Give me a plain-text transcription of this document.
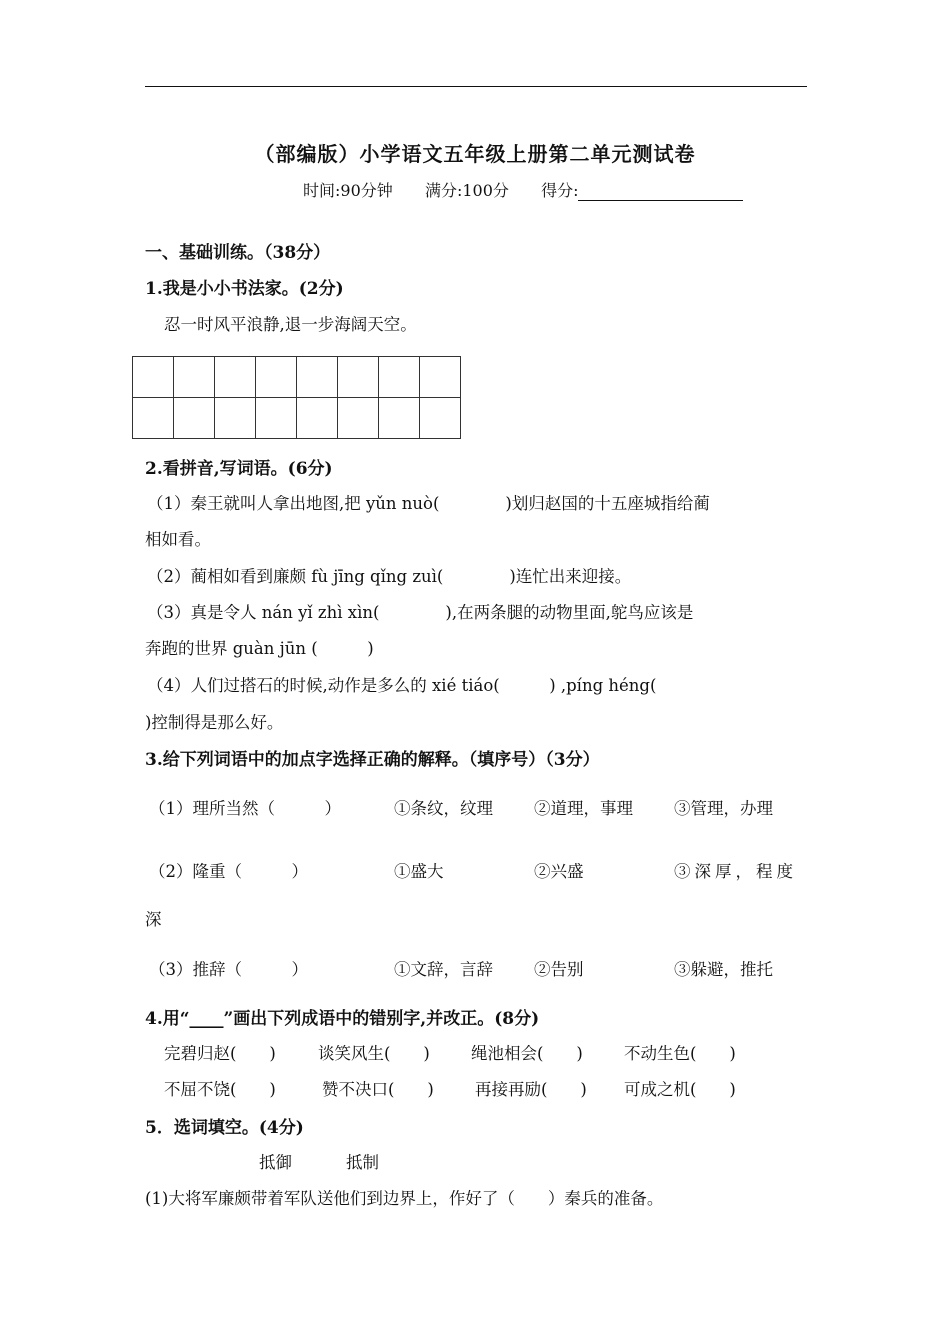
（部编版）小学语文五年级上册第二单元测试卷
时间:90分钟 满分:100分 得分:
一、基础训练。（38分）
1.我是小小书法家。(2分)
忍一时风平浪静,退一步海阔天空。

2.看拼音,写词语。(6分)
（1）秦王就叫人拿出地图,把 yǔn nuò(　　　　)划归赵国的十五座城指给蔺
相如看。
（2）蔺相如看到廉颇 fù jīng qǐng zuì(　　　　)连忙出来迎接。
（3）真是令人 nán yǐ zhì xìn(　　　　),在两条腿的动物里面,鸵鸟应该是
奔跑的世界 guàn jūn (　　　)
（4）人们过搭石的时候,动作是多么的 xié tiáo(　　　) ,píng héng(
)控制得是那么好。
3.给下列词语中的加点字选择正确的解释。（填序号）（3分）
（1）理所当然（　　　）	①条纹，纹理 ②道理，事理 ③管理，办理
（2）隆重（　　　）	①盛大	②兴盛	③深厚，程度
深
（3）推辞（　　　）	①文辞，言辞 ②告别	③躲避，推托
4.用“____”画出下列成语中的错别字,并改正。(8分)
完碧归赵(　　)	谈笑风生(　　) 绳池相会(　　) 不动生色(　　)
不屈不饶(　　)	赞不决口(　　) 再接再励(　　) 可成之机(　　)
5．选词填空。(4分)
抵御	抵制
(1)大将军廉颇带着军队送他们到边界上，作好了（　　）秦兵的准备。
